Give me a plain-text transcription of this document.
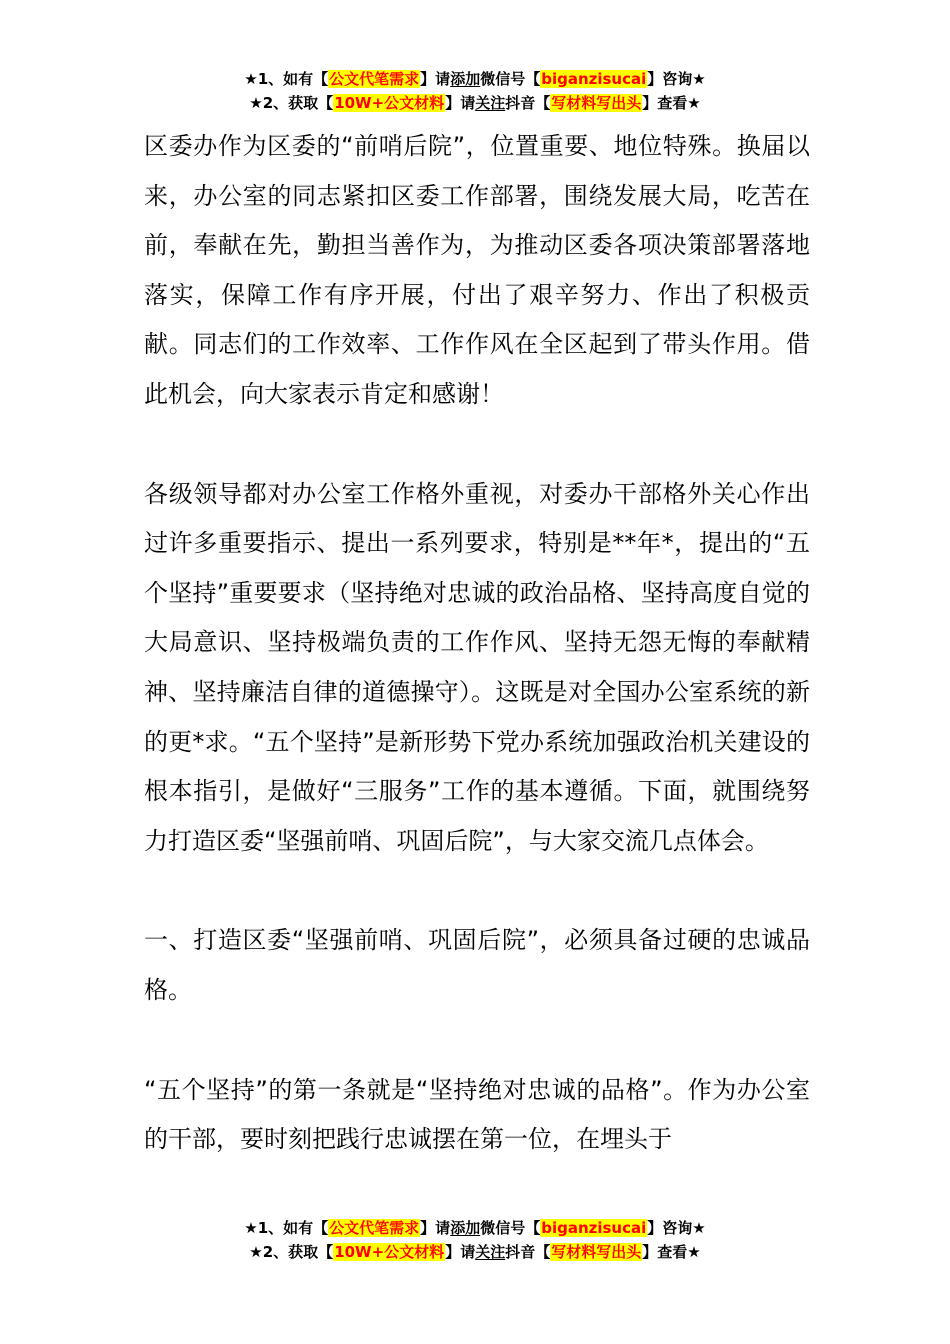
★1、如有【公文代笔需求】请添加微信号【biganzisucai】咨询★
★2、获取【10W+公文材料】请关注抖音【写材料写出头】查看★

区委办作为区委的“前哨后院”，位置重要、地位特殊。换届以来，办公室的同志紧扣区委工作部署，围绕发展大局，吃苦在前，奉献在先，勤担当善作为，为推动区委各项决策部署落地落实，保障工作有序开展，付出了艰辛努力、作出了积极贡献。同志们的工作效率、工作作风在全区起到了带头作用。借此机会，向大家表示肯定和感谢！

各级领导都对办公室工作格外重视，对委办干部格外关心作出过许多重要指示、提出一系列要求，特别是**年*，提出的“五个坚持”重要要求（坚持绝对忠诚的政治品格、坚持高度自觉的大局意识、坚持极端负责的工作作风、坚持无怨无悔的奉献精神、坚持廉洁自律的道德操守）。这既是对全国办公室系统的新的更*求。“五个坚持”是新形势下党办系统加强政治机关建设的根本指引，是做好“三服务”工作的基本遵循。下面，就围绕努力打造区委“坚强前哨、巩固后院”，与大家交流几点体会。

一、打造区委“坚强前哨、巩固后院”，必须具备过硬的忠诚品格。

“五个坚持”的第一条就是“坚持绝对忠诚的品格”。作为办公室的干部，要时刻把践行忠诚摆在第一位，在埋头于

★1、如有【公文代笔需求】请添加微信号【biganzisucai】咨询★
★2、获取【10W+公文材料】请关注抖音【写材料写出头】查看★
